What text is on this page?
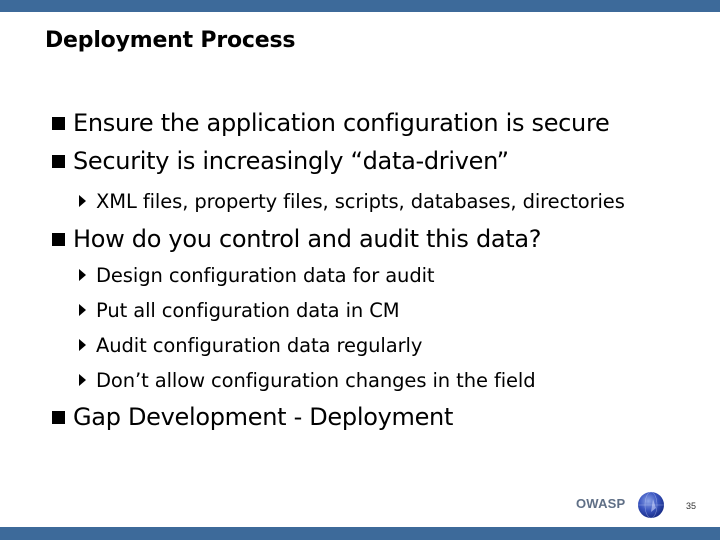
Deployment Process
Ensure the application configuration is secure
Security is increasingly “data-driven”
XML files, property files, scripts, databases, directories
How do you control and audit this data?
Design configuration data for audit
Put all configuration data in CM
Audit configuration data regularly
Don’t allow configuration changes in the field
Gap Development - Deployment
OWASP	35
